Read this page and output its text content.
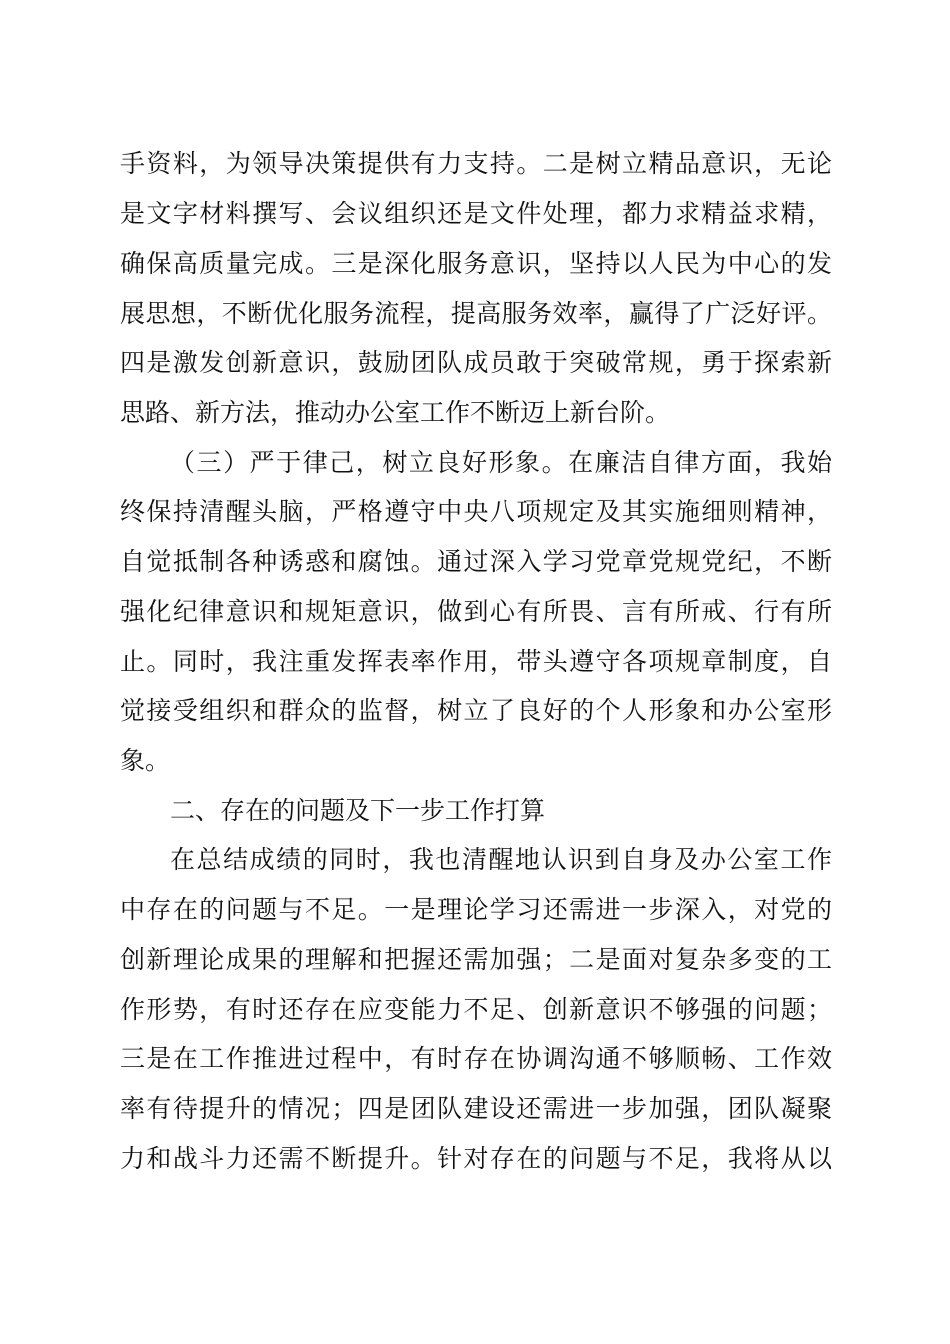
手资料，为领导决策提供有力支持。二是树立精品意识，无论
是文字材料撰写、会议组织还是文件处理，都力求精益求精，
确保高质量完成。三是深化服务意识，坚持以人民为中心的发
展思想，不断优化服务流程，提高服务效率，赢得了广泛好评。
四是激发创新意识，鼓励团队成员敢于突破常规，勇于探索新
思路、新方法，推动办公室工作不断迈上新台阶。
（三）严于律己，树立良好形象。在廉洁自律方面，我始
终保持清醒头脑，严格遵守中央八项规定及其实施细则精神，
自觉抵制各种诱惑和腐蚀。通过深入学习党章党规党纪，不断
强化纪律意识和规矩意识，做到心有所畏、言有所戒、行有所
止。同时，我注重发挥表率作用，带头遵守各项规章制度，自
觉接受组织和群众的监督，树立了良好的个人形象和办公室形
象。
二、存在的问题及下一步工作打算
在总结成绩的同时，我也清醒地认识到自身及办公室工作
中存在的问题与不足。一是理论学习还需进一步深入，对党的
创新理论成果的理解和把握还需加强；二是面对复杂多变的工
作形势，有时还存在应变能力不足、创新意识不够强的问题；
三是在工作推进过程中，有时存在协调沟通不够顺畅、工作效
率有待提升的情况；四是团队建设还需进一步加强，团队凝聚
力和战斗力还需不断提升。针对存在的问题与不足，我将从以
